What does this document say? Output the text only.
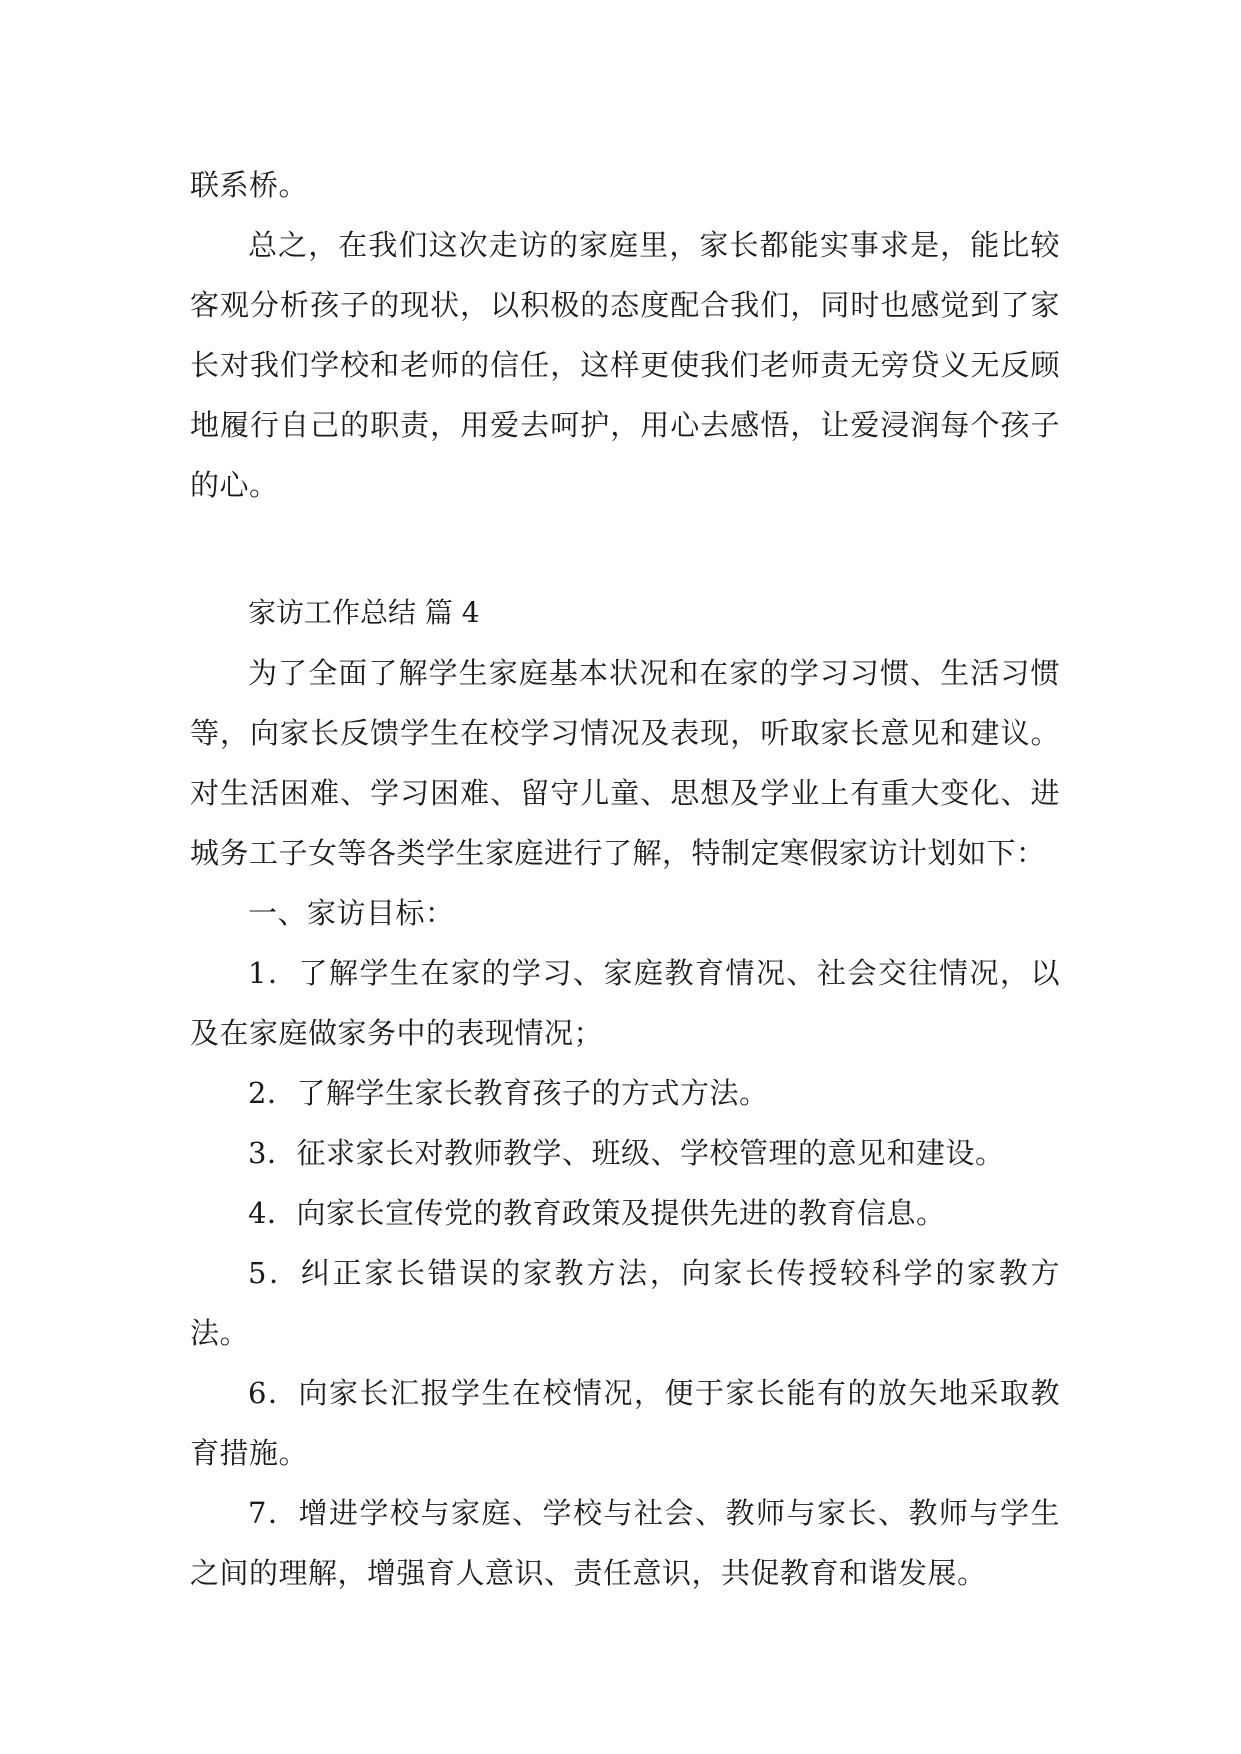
联系桥。

总之，在我们这次走访的家庭里，家长都能实事求是，能比较客观分析孩子的现状，以积极的态度配合我们，同时也感觉到了家长对我们学校和老师的信任，这样更使我们老师责无旁贷义无反顾地履行自己的职责，用爱去呵护，用心去感悟，让爱浸润每个孩子的心。

家访工作总结 篇 4

为了全面了解学生家庭基本状况和在家的学习习惯、生活习惯等，向家长反馈学生在校学习情况及表现，听取家长意见和建议。对生活困难、学习困难、留守儿童、思想及学业上有重大变化、进城务工子女等各类学生家庭进行了解，特制定寒假家访计划如下：

一、家访目标：

1．了解学生在家的学习、家庭教育情况、社会交往情况，以及在家庭做家务中的表现情况；

2．了解学生家长教育孩子的方式方法。

3．征求家长对教师教学、班级、学校管理的意见和建设。

4．向家长宣传党的教育政策及提供先进的教育信息。

5．纠正家长错误的家教方法，向家长传授较科学的家教方法。

6．向家长汇报学生在校情况，便于家长能有的放矢地采取教育措施。

7．增进学校与家庭、学校与社会、教师与家长、教师与学生之间的理解，增强育人意识、责任意识，共促教育和谐发展。
